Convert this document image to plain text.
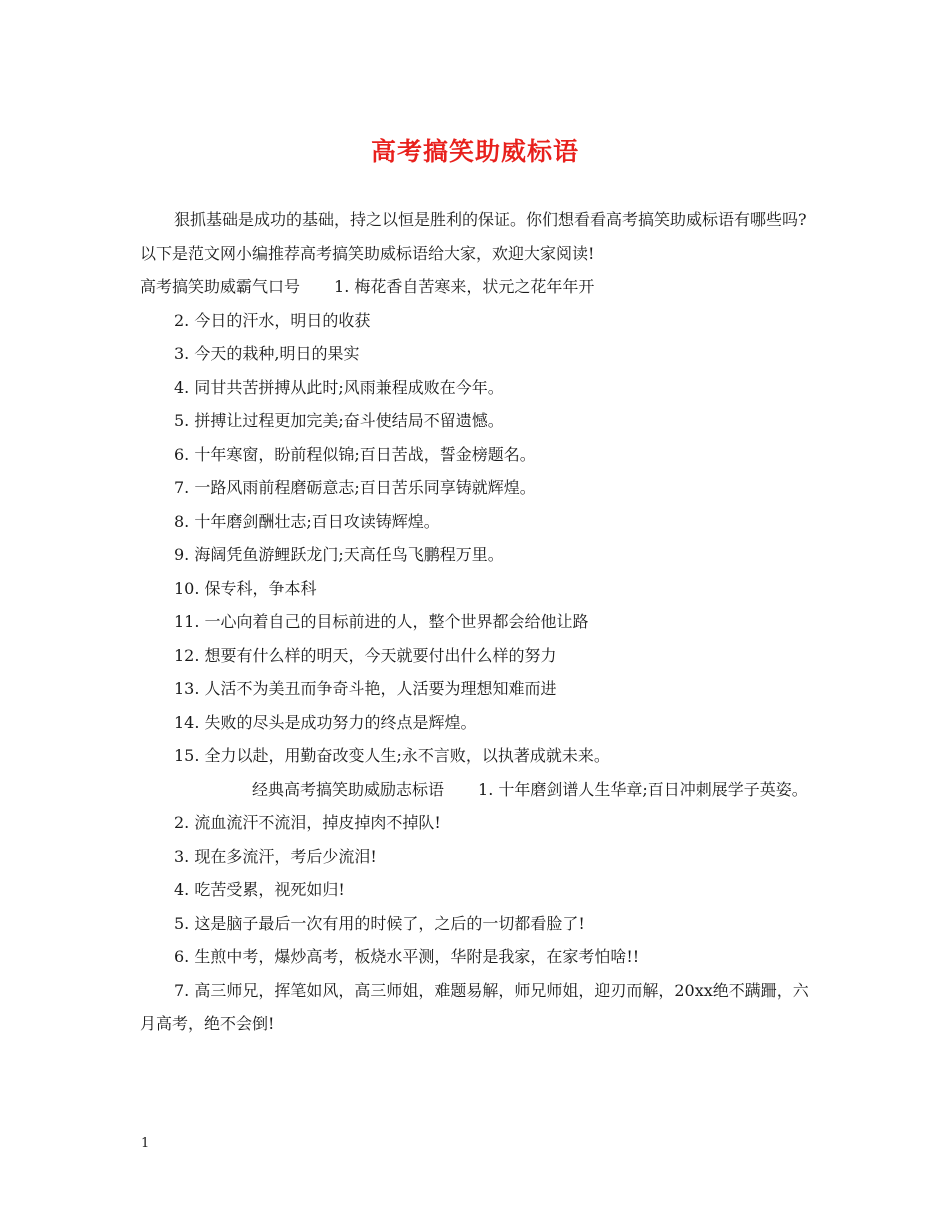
高考搞笑助威标语

狠抓基础是成功的基础，持之以恒是胜利的保证。你们想看看高考搞笑助威标语有哪些吗?以下是范文网小编推荐高考搞笑助威标语给大家，欢迎大家阅读!

高考搞笑助威霸气口号 1. 梅花香自苦寒来，状元之花年年开

2. 今日的汗水，明日的收获

3. 今天的栽种,明日的果实

4. 同甘共苦拼搏从此时;风雨兼程成败在今年。

5. 拼搏让过程更加完美;奋斗使结局不留遗憾。

6. 十年寒窗，盼前程似锦;百日苦战，誓金榜题名。

7. 一路风雨前程磨砺意志;百日苦乐同享铸就辉煌。

8. 十年磨剑酬壮志;百日攻读铸辉煌。

9. 海阔凭鱼游鲤跃龙门;天高任鸟飞鹏程万里。

10. 保专科，争本科

11. 一心向着自己的目标前进的人，整个世界都会给他让路

12. 想要有什么样的明天，今天就要付出什么样的努力

13. 人活不为美丑而争奇斗艳，人活要为理想知难而进

14. 失败的尽头是成功努力的终点是辉煌。

15. 全力以赴，用勤奋改变人生;永不言败，以执著成就未来。

经典高考搞笑助威励志标语 1. 十年磨剑谱人生华章;百日冲刺展学子英姿。

2. 流血流汗不流泪，掉皮掉肉不掉队!

3. 现在多流汗，考后少流泪!

4. 吃苦受累，视死如归!

5. 这是脑子最后一次有用的时候了，之后的一切都看脸了!

6. 生煎中考，爆炒高考，板烧水平测，华附是我家，在家考怕啥!!

7. 高三师兄，挥笔如风，高三师姐，难题易解，师兄师姐，迎刃而解，20xx绝不蹒跚，六月高考，绝不会倒!

1
